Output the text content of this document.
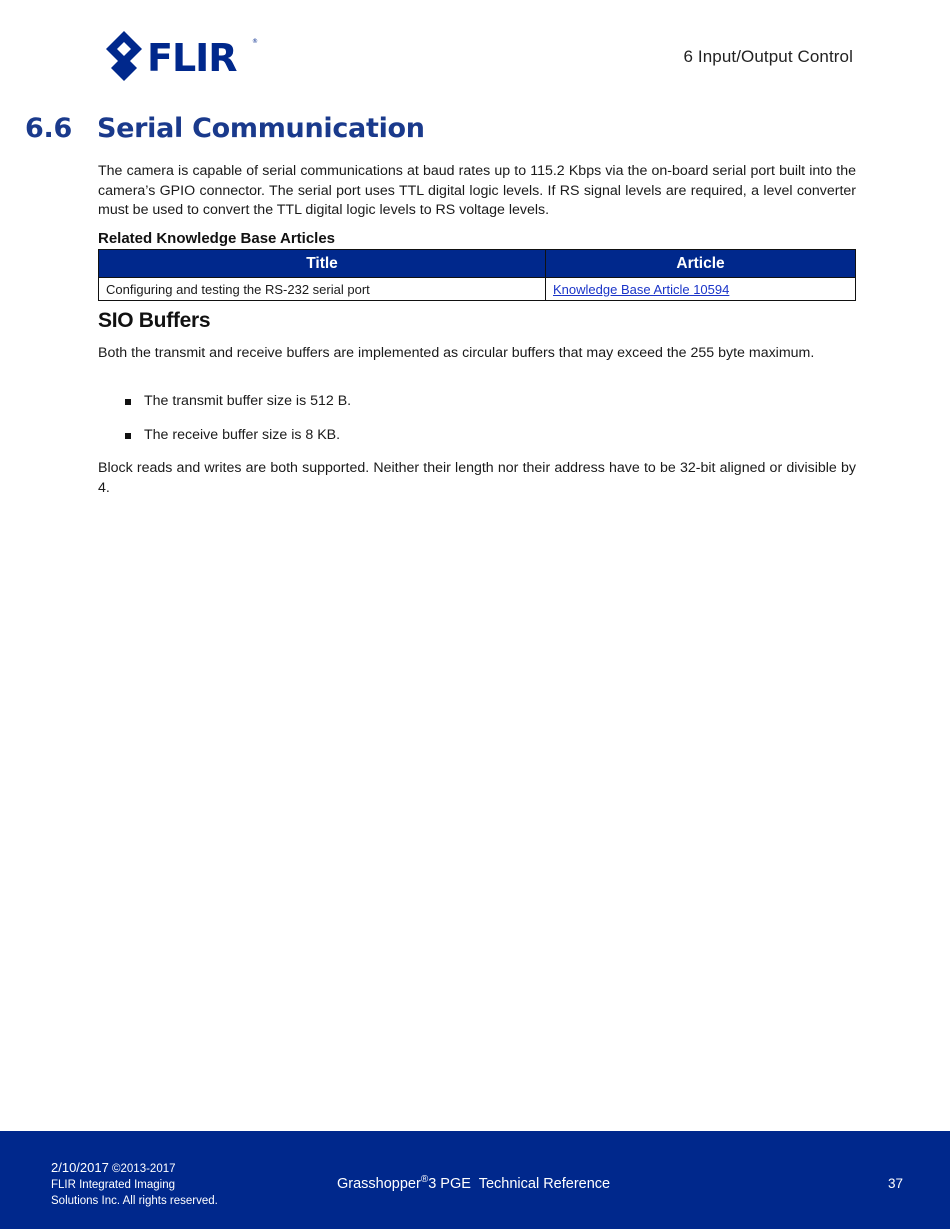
FLIR	®
6 Input/Output Control
6.6 Serial Communication
The camera is capable of serial communications at baud rates up to 115.2 Kbps via the on-board serial port built into the camera’s GPIO connector. The serial port uses TTL digital logic levels. If RS signal levels are required, a level converter must be used to convert the TTL digital logic levels to RS voltage levels.
Related Knowledge Base Articles
Title	Article
Configuring and testing the RS-232 serial port	Knowledge Base Article 10594
SIO Buffers
Both the transmit and receive buffers are implemented as circular buffers that may exceed the 255 byte maximum.
The transmit buffer size is 512 B.
The receive buffer size is 8 KB.
Block reads and writes are both supported. Neither their length nor their address have to be 32-bit aligned or divisible by 4.
2/10/2017 ©2013-2017
FLIR Integrated Imaging
Solutions Inc. All rights reserved.
Grasshopper®3 PGE  Technical Reference	37
